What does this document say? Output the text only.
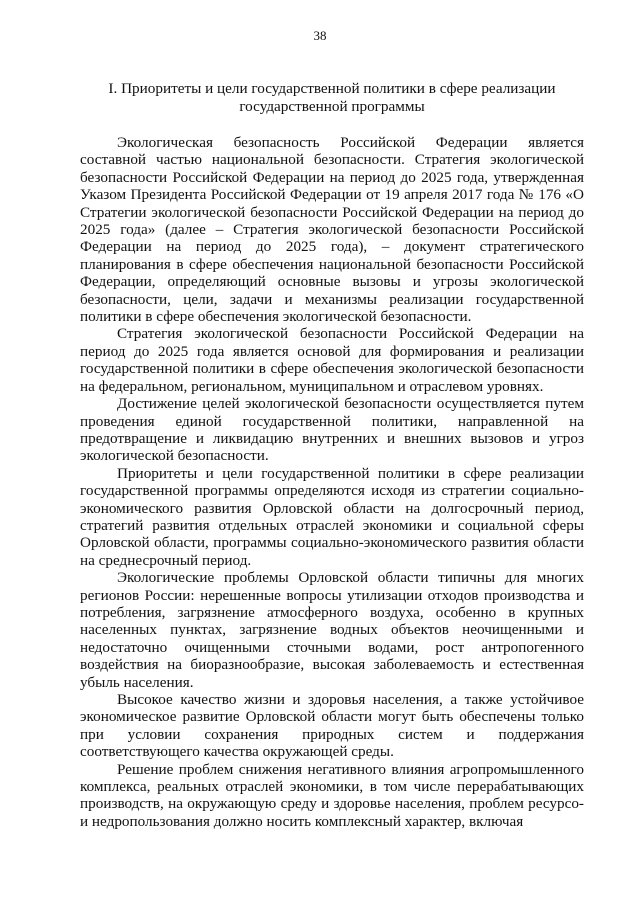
38
I. Приоритеты и цели государственной политики в сфере реализации
государственной программы

Экологическая безопасность Российской Федерации является составной частью национальной безопасности. Стратегия экологической безопасности Российской Федерации на период до 2025 года, утвержденная Указом Президента Российской Федерации от 19 апреля 2017 года № 176 «О Стратегии экологической безопасности Российской Федерации на период до 2025 года» (далее – Стратегия экологической безопасности Российской Федерации на период до 2025 года), – документ стратегического планирования в сфере обеспечения национальной безопасности Российской Федерации, определяющий основные вызовы и угрозы экологической безопасности, цели, задачи и механизмы реализации государственной политики в сфере обеспечения экологической безопасности.

Стратегия экологической безопасности Российской Федерации на период до 2025 года является основой для формирования и реализации государственной политики в сфере обеспечения экологической безопасности на федеральном, региональном, муниципальном и отраслевом уровнях.

Достижение целей экологической безопасности осуществляется путем проведения единой государственной политики, направленной на предотвращение и ликвидацию внутренних и внешних вызовов и угроз экологической безопасности.

Приоритеты и цели государственной политики в сфере реализации государственной программы определяются исходя из стратегии социально-экономического развития Орловской области на долгосрочный период, стратегий развития отдельных отраслей экономики и социальной сферы Орловской области, программы социально-экономического развития области на среднесрочный период.

Экологические проблемы Орловской области типичны для многих регионов России: нерешенные вопросы утилизации отходов производства и потребления, загрязнение атмосферного воздуха, особенно в крупных населенных пунктах, загрязнение водных объектов неочищенными и недостаточно очищенными сточными водами, рост антропогенного воздействия на биоразнообразие, высокая заболеваемость и естественная убыль населения.

Высокое качество жизни и здоровья населения, а также устойчивое экономическое развитие Орловской области могут быть обеспечены только при условии сохранения природных систем и поддержания соответствующего качества окружающей среды.

Решение проблем снижения негативного влияния агропромышленного комплекса, реальных отраслей экономики, в том числе перерабатывающих производств, на окружающую среду и здоровье населения, проблем ресурсо- и недропользования должно носить комплексный характер, включая
